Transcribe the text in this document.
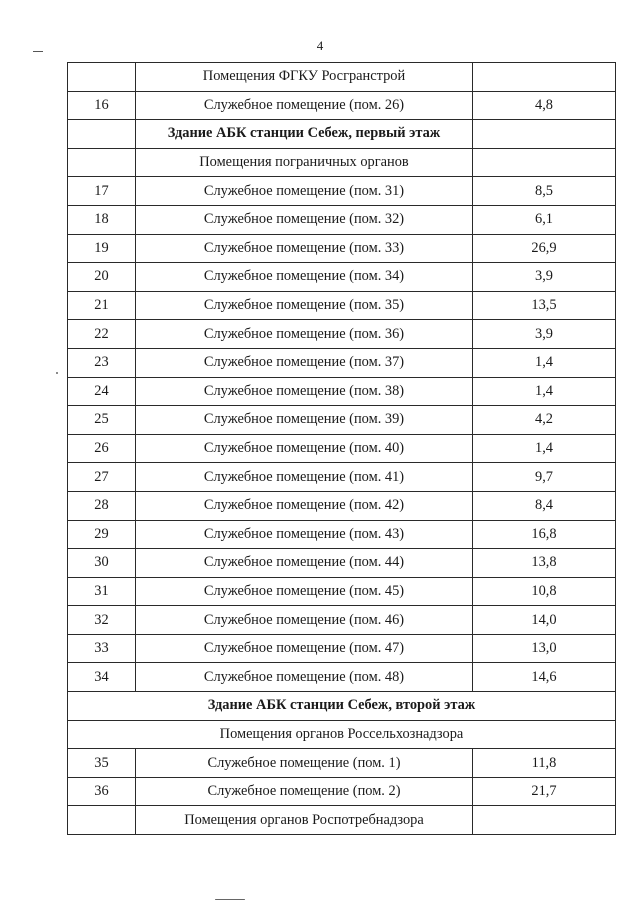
4
	Помещения ФГКУ Росгранстрой	
16	Служебное помещение (пом. 26)	4,8
	Здание АБК станции Себеж, первый этаж	
	Помещения пограничных органов	
17	Служебное помещение (пом. 31)	8,5
18	Служебное помещение (пом. 32)	6,1
19	Служебное помещение (пом. 33)	26,9
20	Служебное помещение (пом. 34)	3,9
21	Служебное помещение (пом. 35)	13,5
22	Служебное помещение (пом. 36)	3,9
23	Служебное помещение (пом. 37)	1,4
24	Служебное помещение (пом. 38)	1,4
25	Служебное помещение (пом. 39)	4,2
26	Служебное помещение (пом. 40)	1,4
27	Служебное помещение (пом. 41)	9,7
28	Служебное помещение (пом. 42)	8,4
29	Служебное помещение (пом. 43)	16,8
30	Служебное помещение (пом. 44)	13,8
31	Служебное помещение (пом. 45)	10,8
32	Служебное помещение (пом. 46)	14,0
33	Служебное помещение (пом. 47)	13,0
34	Служебное помещение (пом. 48)	14,6
Здание АБК станции Себеж, второй этаж		
Помещения органов Россельхознадзора		
35	Служебное помещение (пом. 1)	11,8
36	Служебное помещение (пом. 2)	21,7
	Помещения органов Роспотребнадзора	
